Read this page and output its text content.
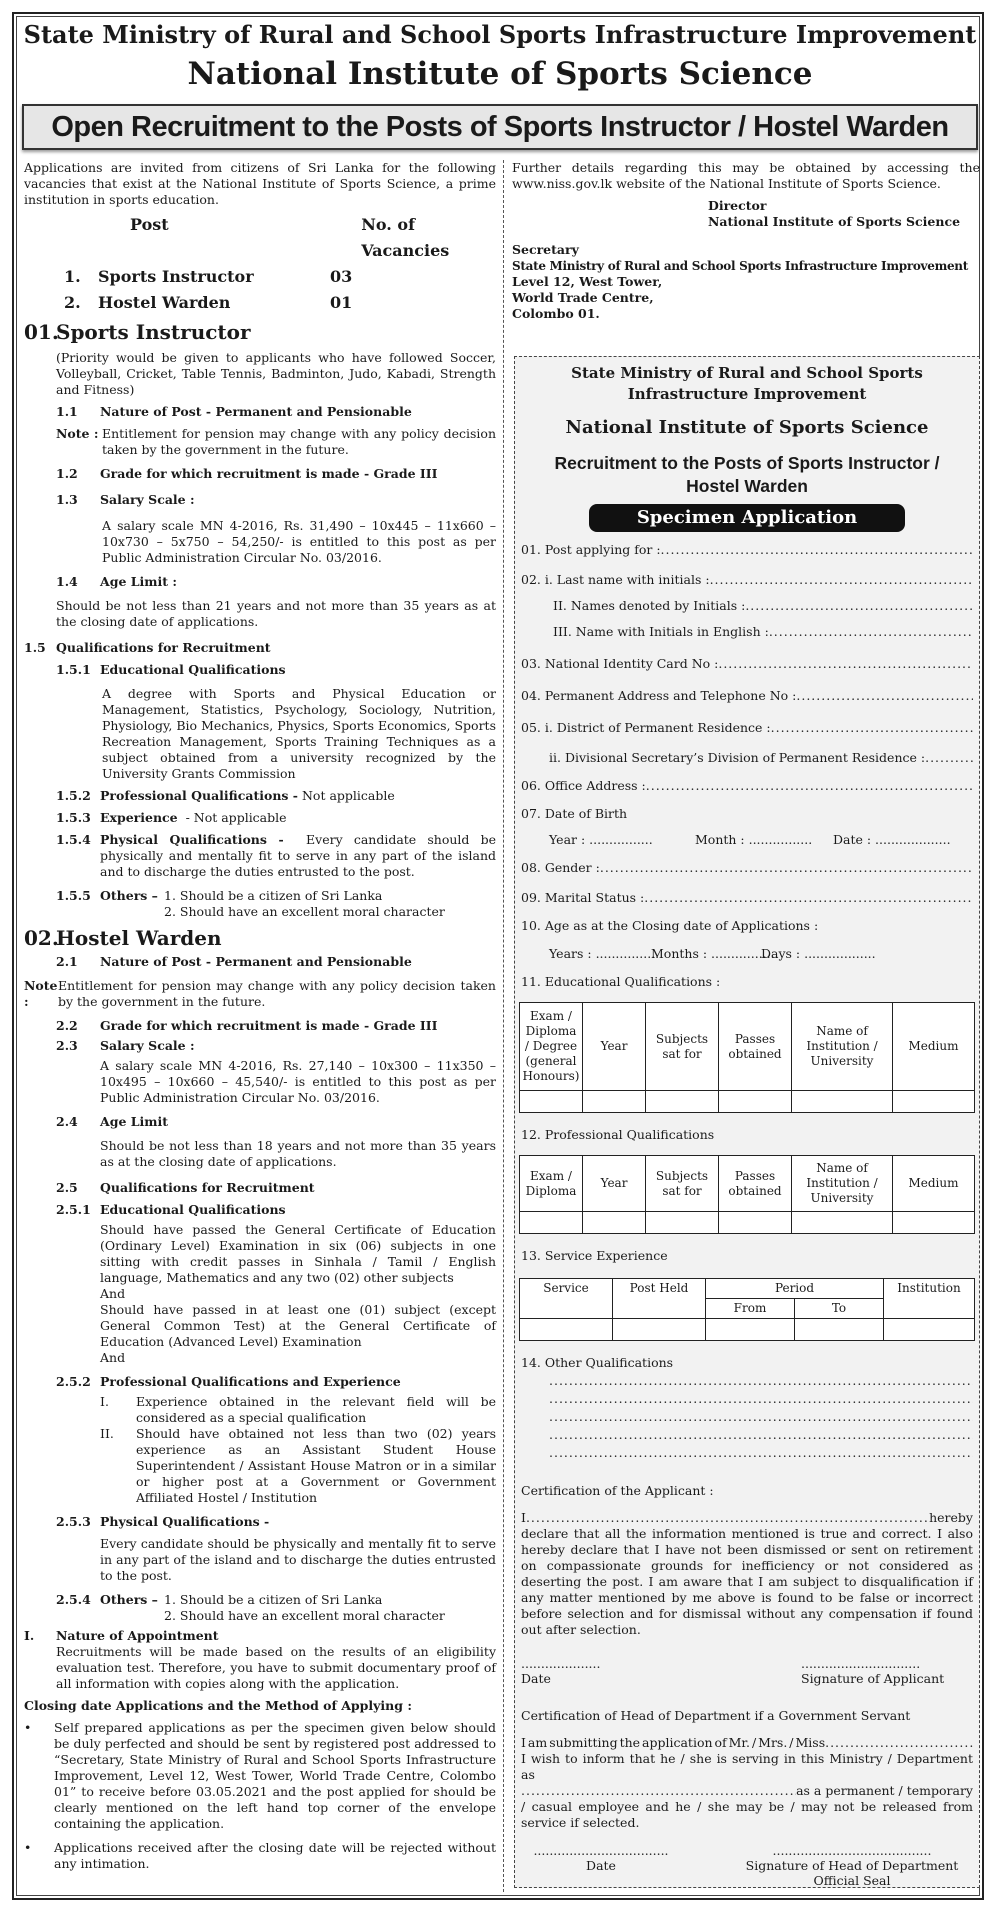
State Ministry of Rural and School Sports Infrastructure Improvement
National Institute of Sports Science
Open Recruitment to the Posts of Sports Instructor / Hostel Warden

Applications are invited from citizens of Sri Lanka for the following vacancies that exist at the National Institute of Sports Science, a prime institution in sports education.

Post	No. of Vacancies
1.	Sports Instructor	03
2.	Hostel Warden	01
01.Sports Instructor

(Priority would be given to applicants who have followed Soccer, Volleyball, Cricket, Table Tennis, Badminton, Judo, Kabadi, Strength and Fitness)

1.1 Nature of Post - Permanent and Pensionable
Note : Entitlement for pension may change with any policy decision taken by the government in the future.

1.2 Grade for which recruitment is made - Grade III
1.3 Salary Scale :

A salary scale MN 4-2016, Rs. 31,490 – 10x445 – 11x660 – 10x730 – 5x750 – 54,250/- is entitled to this post as per Public Administration Circular No. 03/2016.

1.4 Age Limit :

Should be not less than 21 years and not more than 35 years as at the closing date of applications.

1.5 Qualifications for Recruitment
1.5.1 Educational Qualifications

A degree with Sports and Physical Education or Management, Statistics, Psychology, Sociology, Nutrition, Physiology, Bio Mechanics, Physics, Sports Economics, Sports Recreation Management, Sports Training Techniques as a subject obtained from a university recognized by the University Grants Commission

1.5.2 Professional Qualifications - Not applicable
1.5.3 Experience - Not applicable
1.5.4 Physical Qualifications - Every candidate should be physically and mentally fit to serve in any part of the island and to discharge the duties entrusted to the post.

1.5.5 Others – 1. Should be a citizen of Sri Lanka
2. Should have an excellent moral character
02.Hostel Warden
2.1 Nature of Post - Permanent and Pensionable
Note :

Entitlement for pension may change with any policy decision taken by the government in the future.

2.2 Grade for which recruitment is made - Grade III
2.3 Salary Scale :

A salary scale MN 4-2016, Rs. 27,140 – 10x300 – 11x350 – 10x495 – 10x660 – 45,540/- is entitled to this post as per Public Administration Circular No. 03/2016.

2.4 Age Limit

Should be not less than 18 years and not more than 35 years as at the closing date of applications.

2.5 Qualifications for Recruitment
2.5.1 Educational Qualifications

Should have passed the General Certificate of Education (Ordinary Level) Examination in six (06) subjects in one sitting with credit passes in Sinhala / Tamil / English language, Mathematics and any two (02) other subjects

And

Should have passed in at least one (01) subject (except General Common Test) at the General Certificate of Education (Advanced Level) Examination

And

2.5.2 Professional Qualifications and Experience
I.	Experience obtained in the relevant field will be considered as a special qualification

II.	Should have obtained not less than two (02) years experience as an Assistant Student House Superintendent / Assistant House Matron or in a similar or higher post at a Government or Government Affiliated Hostel / Institution

2.5.3 Physical Qualifications -

Every candidate should be physically and mentally fit to serve in any part of the island and to discharge the duties entrusted to the post.

2.5.4 Others – 1. Should be a citizen of Sri Lanka
2. Should have an excellent moral character
I. Nature of Appointment

Recruitments will be made based on the results of an eligibility evaluation test. Therefore, you have to submit documentary proof of all information with copies along with the application.

Closing date Applications and the Method of Applying :
•	Self prepared applications as per the specimen given below should be duly perfected and should be sent by registered post addressed to “Secretary, State Ministry of Rural and School Sports Infrastructure Improvement, Level 12, West Tower, World Trade Centre, Colombo 01” to receive before 03.05.2021 and the post applied for should be clearly mentioned on the left hand top corner of the envelope containing the application.

•	Applications received after the closing date will be rejected without any intimation.

Further details regarding this may be obtained by accessing the www.niss.gov.lk website of the National Institute of Sports Science.

Director
National Institute of Sports Science
Secretary
State Ministry of Rural and School Sports Infrastructure Improvement
Level 12, West Tower,
World Trade Centre,
Colombo 01.
State Ministry of Rural and School Sports Infrastructure Improvement
National Institute of Sports Science
Recruitment to the Posts of Sports Instructor / Hostel Warden
Specimen Application
01. Post applying for :
.....
02. i. Last name with initials :
.....
II. Names denoted by Initials :
.....
III. Name with Initials in English :
.....
03. National Identity Card No :
.....
04. Permanent Address and Telephone No :
.....
05. i. District of Permanent Residence :
.....
ii. Divisional Secretary’s Division of Permanent Residence :
.....
06. Office Address :
.....
07. Date of Birth
Year : ................	Month : ................	Date : ...................
08. Gender :
.....
09. Marital Status :
.....
10. Age as at the Closing date of Applications :
Years : ................
Months : .................
Days : ..................
11. Educational Qualifications :
Exam / Diploma / Degree (general Honours)	Year	Subjects sat for	Passes obtained	Name of Institution / University	Medium

12. Professional Qualifications
Exam / Diploma	Year	Subjects sat for	Passes obtained	Name of Institution / University	Medium

13. Service Experience
Service	Post Held	Period		Institution
		From	To	

14. Other Qualifications
.....
.....
.....
.....
.....
Certification of the Applicant :
I .....	hereby

declare that all the information mentioned is true and correct. I also hereby declare that I have not been dismissed or sent on retirement on compassionate grounds for inefficiency or not considered as deserting the post. I am aware that I am subject to disqualification if any matter mentioned by me above is found to be false or incorrect before selection and for dismissal without any compensation if found out after selection.

....................
Date
..............................
Signature of Applicant
Certification of Head of Department if a Government Servant
I am submitting the application of Mr. / Mrs. / Miss
.....

I wish to inform that he / she is serving in this Ministry / Department as

.....
as a permanent / temporary

/ casual employee and he / she may be / may not be released from service if selected.

..................................
Date
........................................
Signature of Head of Department
Official Seal
